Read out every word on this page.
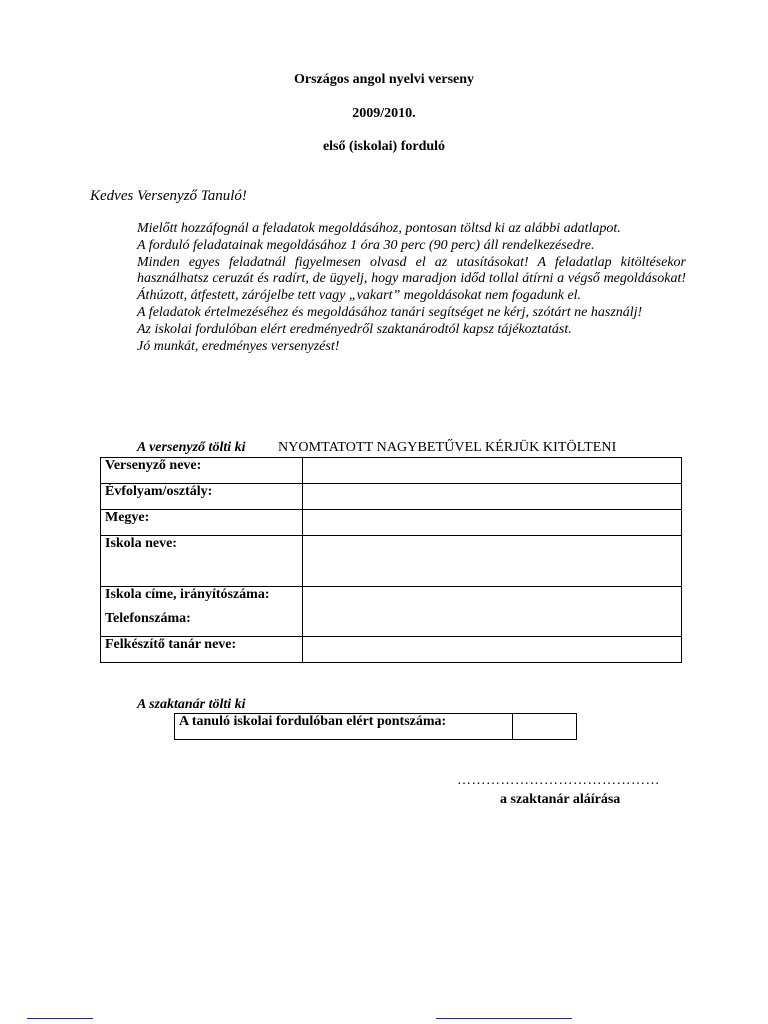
Országos angol nyelvi verseny
2009/2010.
első (iskolai) forduló
Kedves Versenyző Tanuló!

Mielőtt hozzáfognál a feladatok megoldásához, pontosan töltsd ki az alábbi adatlapot.

A forduló feladatainak megoldásához 1 óra 30 perc (90 perc) áll rendelkezésedre.

Minden egyes feladatnál figyelmesen olvasd el az utasításokat! A feladatlap kitöltésekor használhatsz ceruzát és radírt, de ügyelj, hogy maradjon időd tollal átírni a végső megoldásokat! Áthúzott, átfestett, zárójelbe tett vagy „vakart” megoldásokat nem fogadunk el.

A feladatok értelmezéséhez és megoldásához tanári segítséget ne kérj, szótárt ne használj!

Az iskolai fordulóban elért eredményedről szaktanárodtól kapsz tájékoztatást.

Jó munkát, eredményes versenyzést!

A versenyző tölti ki NYOMTATOTT NAGYBETŰVEL KÉRJÜK KITÖLTENI
Versenyző neve:	
Évfolyam/osztály:	
Megye:	
Iskola neve:	

Iskola címe, irányítószáma:
Telefonszáma:	

Felkészítő tanár neve:	
A szaktanár tölti ki
A tanuló iskolai fordulóban elért pontszáma:	
……………………………………
a szaktanár aláírása
